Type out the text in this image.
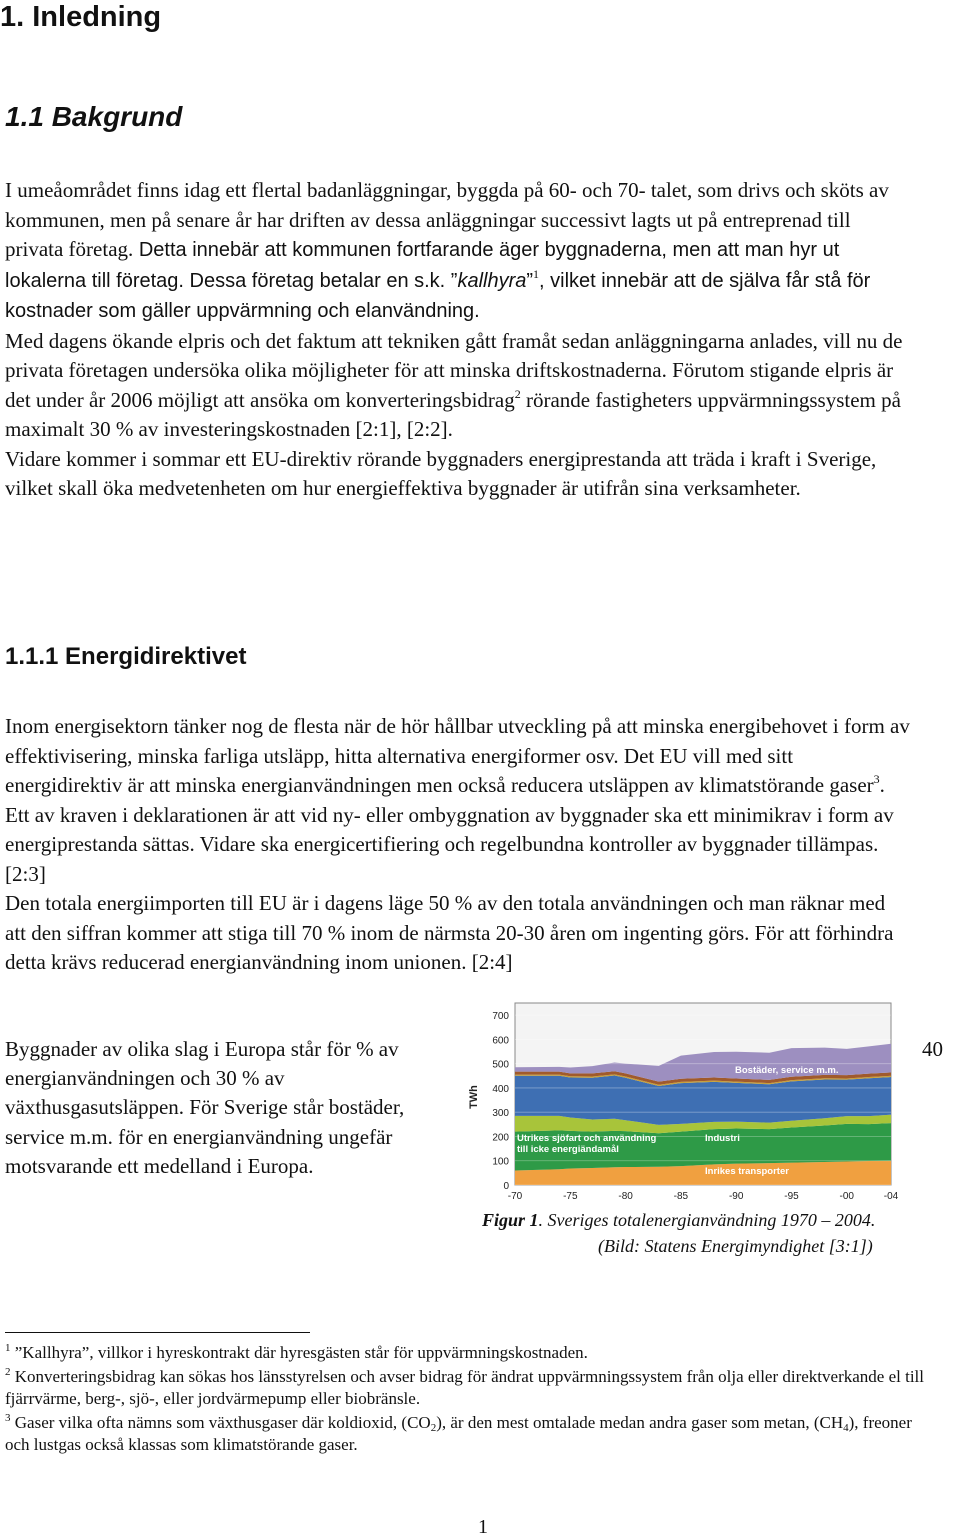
1. Inledning
1.1 Bakgrund

I umeåområdet finns idag ett flertal badanläggningar, byggda på 60- och 70- talet, som drivs och sköts av kommunen, men på senare år har driften av dessa anläggningar successivt lagts ut på entreprenad till privata företag. Detta innebär att kommunen fortfarande äger byggnaderna, men att man hyr ut lokalerna till företag. Dessa företag betalar en s.k. ”kallhyra”$^1$, vilket innebär att de själva får stå för kostnader som gäller uppvärmning och elanvändning.

Med dagens ökande elpris och det faktum att tekniken gått framåt sedan anläggningarna anlades, vill nu de privata företagen undersöka olika möjligheter för att minska driftskostnaderna. Förutom stigande elpris är det under år 2006 möjligt att ansöka om konverteringsbidrag$^2$ rörande fastigheters uppvärmningssystem på maximalt 30 % av investeringskostnaden [2:1], [2:2].

Vidare kommer i sommar ett EU-direktiv rörande byggnaders energiprestanda att träda i kraft i Sverige, vilket skall öka medvetenheten om hur energieffektiva byggnader är utifrån sina verksamheter.

1.1.1 Energidirektivet

Inom energisektorn tänker nog de flesta när de hör hållbar utveckling på att minska energibehovet i form av effektivisering, minska farliga utsläpp, hitta alternativa energiformer osv. Det EU vill med sitt energidirektiv är att minska energianvändningen men också reducera utsläppen av klimatstörande gaser$^3$. Ett av kraven i deklarationen är att vid ny- eller ombyggnation av byggnader ska ett minimikrav i form av energiprestanda sättas. Vidare ska energicertifiering och regelbundna kontroller av byggnader tillämpas. [2:3]

Den totala energiimporten till EU är i dagens läge 50 % av den totala användningen och man räknar med att den siffran kommer att stiga till 70 % inom de närmsta 20-30 åren om ingenting görs. För att förhindra detta krävs reducerad energianvändning inom unionen. [2:4]

Byggnader av olika slag i Europa står för % av energianvändningen och 30 % av växthusgasutsläppen. För Sverige står bostäder, service m.m. för en energianvändning ungefär motsvarande ett medelland i Europa.

40
0
100
200
300
400
500
600
700
-70	-75	-80	-85	-90	-95	-00	-04
TWh
Bostäder, service m.m.
Industri
Inrikes transporter
Utrikes sjöfart och användning
till icke energiändamål
Figur 1. Sveriges totalenergianvändning 1970 – 2004.
(Bild: Statens Energimyndighet [3:1])

$^1$ ”Kallhyra”, villkor i hyreskontrakt där hyresgästen står för uppvärmningskostnaden.

$^2$ Konverteringsbidrag kan sökas hos länsstyrelsen och avser bidrag för ändrat uppvärmningssystem från olja eller direktverkande el till fjärrvärme, berg-, sjö-, eller jordvärmepump eller biobränsle.

$^3$ Gaser vilka ofta nämns som växthusgaser där koldioxid, $(CO_2)$, är den mest omtalade medan andra gaser som metan, $(CH_4)$, freoner och lustgas också klassas som klimatstörande gaser.

1
